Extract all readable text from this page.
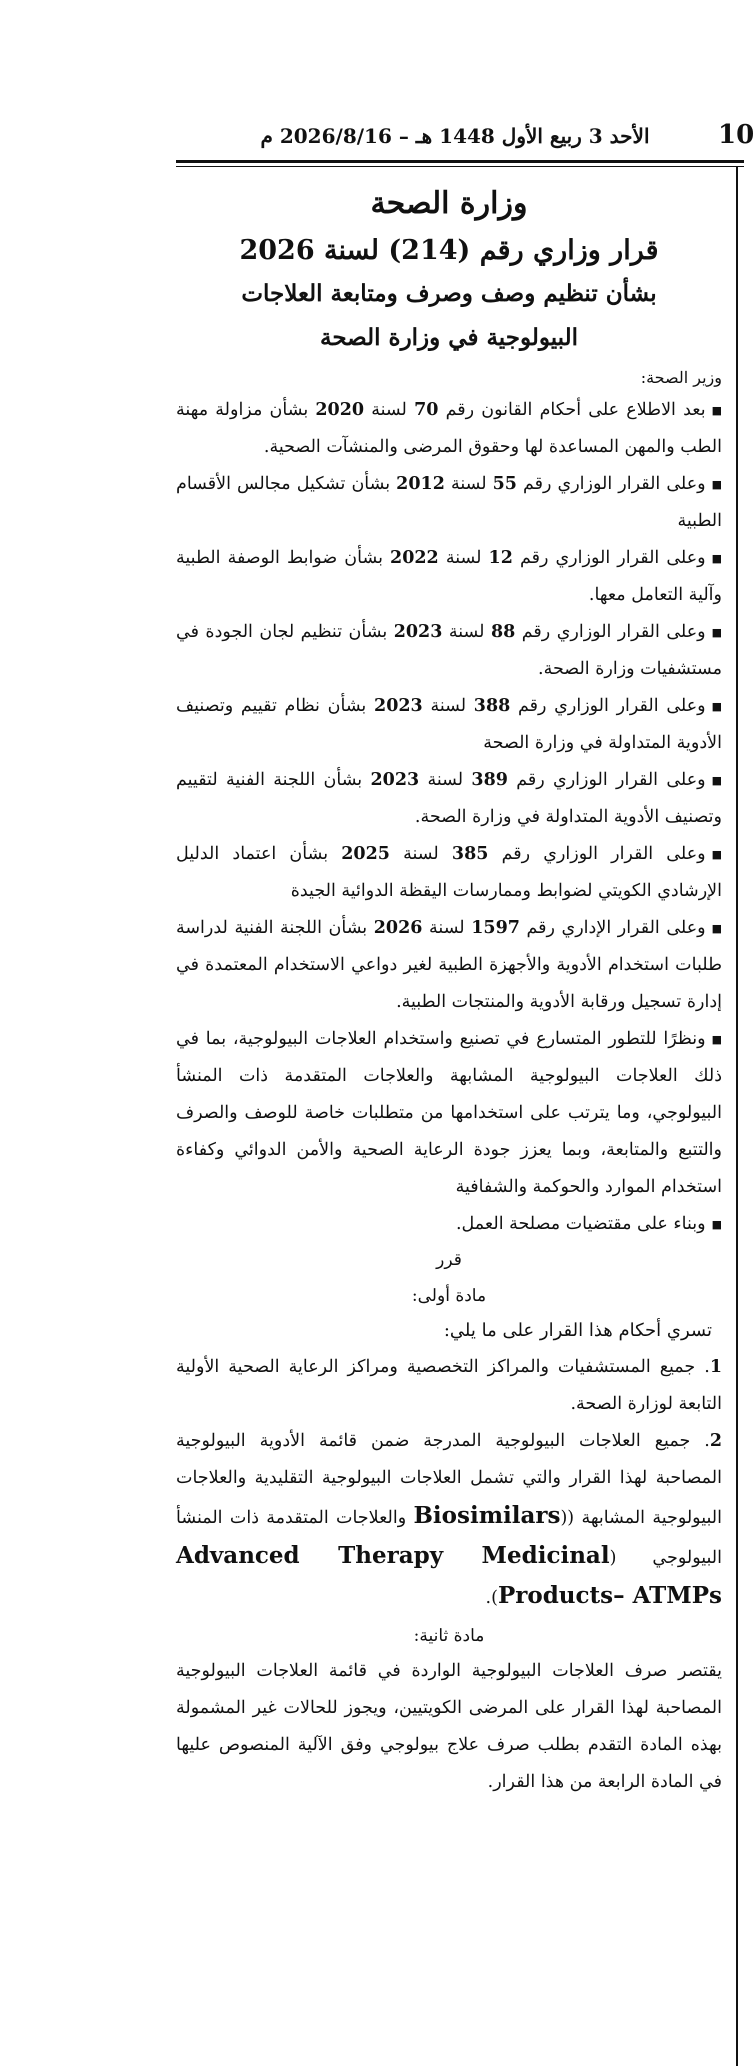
10
الأحد 3 ربيع الأول 1448 هـ – 2026/8/16 م
وزارة الصحة
قرار وزاري رقم (214) لسنة 2026
بشأن تنظيم وصف وصرف ومتابعة العلاجات
البيولوجية في وزارة الصحة
وزير الصحة:
■بعد الاطلاع على أحكام القانون رقم 70 لسنة 2020 بشأن مزاولة مهنة الطب والمهن المساعدة لها وحقوق المرضى والمنشآت الصحية.
■وعلى القرار الوزاري رقم 55 لسنة 2012 بشأن تشكيل مجالس الأقسام الطبية
■وعلى القرار الوزاري رقم 12 لسنة 2022 بشأن ضوابط الوصفة الطبية وآلية التعامل معها.
■وعلى القرار الوزاري رقم 88 لسنة 2023 بشأن تنظيم لجان الجودة في مستشفيات وزارة الصحة.
■وعلى القرار الوزاري رقم 388 لسنة 2023 بشأن نظام تقييم وتصنيف الأدوية المتداولة في وزارة الصحة
■وعلى القرار الوزاري رقم 389 لسنة 2023 بشأن اللجنة الفنية لتقييم وتصنيف الأدوية المتداولة في وزارة الصحة.
■وعلى القرار الوزاري رقم 385 لسنة 2025 بشأن اعتماد الدليل الإرشادي الكويتي لضوابط وممارسات اليقظة الدوائية الجيدة
■وعلى القرار الإداري رقم 1597 لسنة 2026 بشأن اللجنة الفنية لدراسة طلبات استخدام الأدوية والأجهزة الطبية لغير دواعي الاستخدام المعتمدة في إدارة تسجيل ورقابة الأدوية والمنتجات الطبية.
■ونظرًا للتطور المتسارع في تصنيع واستخدام العلاجات البيولوجية، بما في ذلك العلاجات البيولوجية المشابهة والعلاجات المتقدمة ذات المنشأ البيولوجي، وما يترتب على استخدامها من متطلبات خاصة للوصف والصرف والتتبع والمتابعة، وبما يعزز جودة الرعاية الصحية والأمن الدوائي وكفاءة استخدام الموارد والحوكمة والشفافية
■وبناء على مقتضيات مصلحة العمل.
قرر
مادة أولى:
تسري أحكام هذا القرار على ما يلي:
1. جميع المستشفيات والمراكز التخصصية ومراكز الرعاية الصحية الأولية التابعة لوزارة الصحة.
2. جميع العلاجات البيولوجية المدرجة ضمن قائمة الأدوية البيولوجية المصاحبة لهذا القرار والتي تشمل العلاجات البيولوجية التقليدية والعلاجات البيولوجية المشابهة ((Biosimilars والعلاجات المتقدمة ذات المنشأ البيولوجي (Advanced Therapy Medicinal Products– ATMPs).
مادة ثانية:
يقتصر صرف العلاجات البيولوجية الواردة في قائمة العلاجات البيولوجية المصاحبة لهذا القرار على المرضى الكويتيين، ويجوز للحالات غير المشمولة بهذه المادة التقدم بطلب صرف علاج بيولوجي وفق الآلية المنصوص عليها في المادة الرابعة من هذا القرار.
